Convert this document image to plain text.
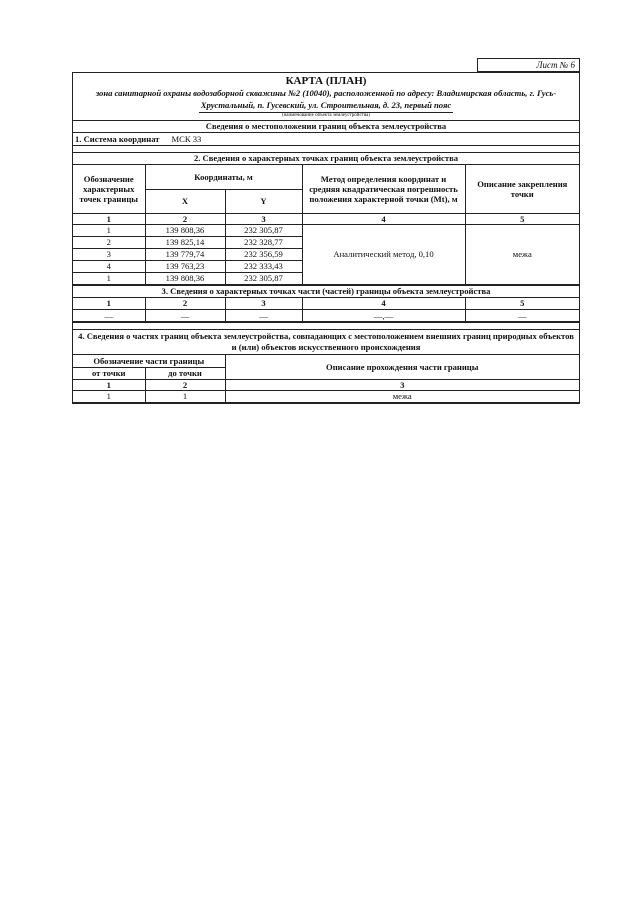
Лист № 6
КАРТА (ПЛАН)
зона санитарной охраны водозаборной скважины №2 (10040), расположенной по адресу: Владимирская область, г. Гусь-Хрустальный, п. Гусевский, ул. Строительная, д. 23, первый пояс
(наименование объекта землеустройства)
Сведения о местоположении границ объекта землеустройства
1. Система координат МСК 33
2. Сведения о характерных точках границ объекта землеустройства
Обозначение характерных точек границы	Координаты, м		Метод определения координат и средняя квадратическая погрешность положения характерной точки (Mt), м	Описание закрепления точки
	X	Y		
1	2	3	4	5
1	139 808,36	232 305,87	Аналитический метод, 0,10	межа
2	139 825,14	232 328,77		
3	139 779,74	232 356,59		
4	139 763,23	232 333,43		
1	139 808,36	232 305,87		
3. Сведения о характерных точках части (частей) границы объекта землеустройства
1	2	3	4	5
—	—	—	—,—	—
4. Сведения о частях границ объекта землеустройства, совпадающих с местоположением внешних границ природных объектов и (или) объектов искусственного происхождения
Обозначение части границы		Описание прохождения части границы
от точки	до точки	
1	2	3
1	1	межа
